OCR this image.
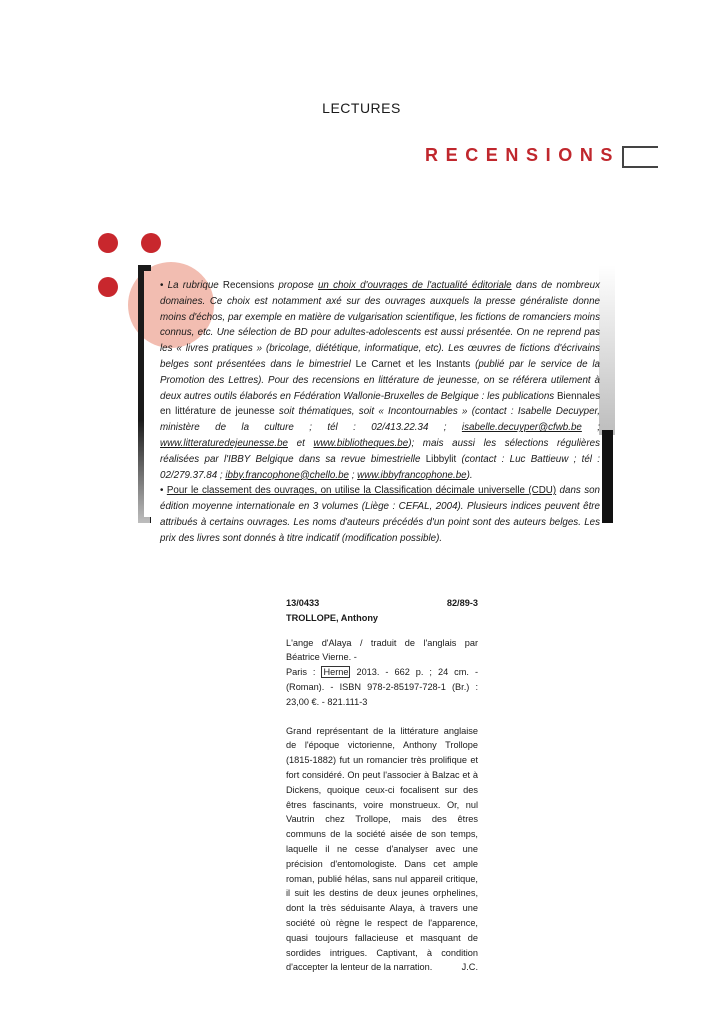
LECTURES
RECENSIONS

• La rubrique Recensions propose un choix d'ouvrages de l'actualité éditoriale dans de nombreux domaines. Ce choix est notamment axé sur des ouvrages auxquels la presse généraliste donne moins d'échos, par exemple en matière de vulgarisation scientifique, les fictions de romanciers moins connus, etc. Une sélection de BD pour adultes-adolescents est aussi présentée. On ne reprend pas les « livres pratiques » (bricolage, diététique, informatique, etc). Les œuvres de fictions d'écrivains belges sont présentées dans le bimestriel Le Carnet et les Instants (publié par le service de la Promotion des Lettres). Pour des recensions en littérature de jeunesse, on se référera utilement à deux autres outils élaborés en Fédération Wallonie-Bruxelles de Belgique : les publications Biennales en littérature de jeunesse soit thématiques, soit « Incontournables » (contact : Isabelle Decuyper, ministère de la culture ; tél : 02/413.22.34 ; isabelle.decuyper@cfwb.be ; www.litteraturedejeunesse.be et www.bibliotheques.be); mais aussi les sélections régulières réalisées par l'IBBY Belgique dans sa revue bimestrielle Libbylit (contact : Luc Battieuw ; tél : 02/279.37.84 ; ibby.francophone@chello.be ; www.ibbyfrancophone.be).

• Pour le classement des ouvrages, on utilise la Classification décimale universelle (CDU) dans son édition moyenne internationale en 3 volumes (Liège : CEFAL, 2004). Plusieurs indices peuvent être attribués à certains ouvrages. Les noms d'auteurs précédés d'un point sont des auteurs belges. Les prix des livres sont donnés à titre indicatif (modification possible).

13/0433	82/89-3
TROLLOPE, Anthony
L'ange d'Alaya / traduit de l'anglais par Béatrice Vierne. -
Paris : Herne 2013. - 662 p. ; 24 cm. - (Roman). - ISBN 978-2-85197-728-1 (Br.) : 23,00 €. - 821.111-3
Grand représentant de la littérature anglaise de l'époque victorienne, Anthony Trollope (1815-1882) fut un romancier très prolifique et fort considéré. On peut l'associer à Balzac et à Dickens, quoique ceux-ci focalisent sur des êtres fascinants, voire monstrueux. Or, nul Vautrin chez Trollope, mais des êtres communs de la société aisée de son temps, laquelle il ne cesse d'analyser avec une précision d'entomologiste. Dans cet ample roman, publié hélas, sans nul appareil critique, il suit les destins de deux jeunes orphelines, dont la très séduisante Alaya, à travers une société où règne le respect de l'apparence, quasi toujours fallacieuse et masquant de sordides intrigues. Captivant, à condition d'accepter la lenteur de la narration.	J.C.
